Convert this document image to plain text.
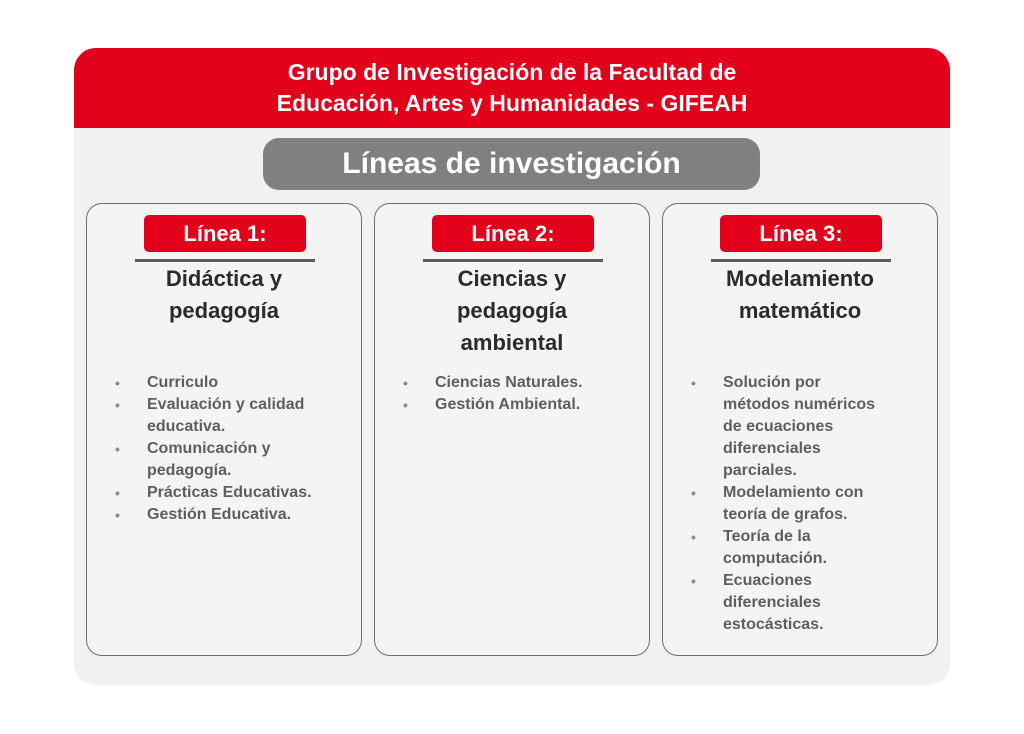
Grupo de Investigación de la Facultad de
Educación, Artes y Humanidades - GIFEAH
Líneas de investigación
Línea 1:
Didáctica y
pedagogía
• Curriculo
• Evaluación y calidad
educativa.
• Comunicación y
pedagogía.
• Prácticas Educativas.
• Gestión Educativa.
Línea 2:
Ciencias y
pedagogía
ambiental
• Ciencias Naturales.
• Gestión Ambiental.
Línea 3:
Modelamiento
matemático
• Solución por
métodos numéricos
de ecuaciones
diferenciales
parciales.
• Modelamiento con
teoría de grafos.
• Teoría de la
computación.
• Ecuaciones
diferenciales
estocásticas.
